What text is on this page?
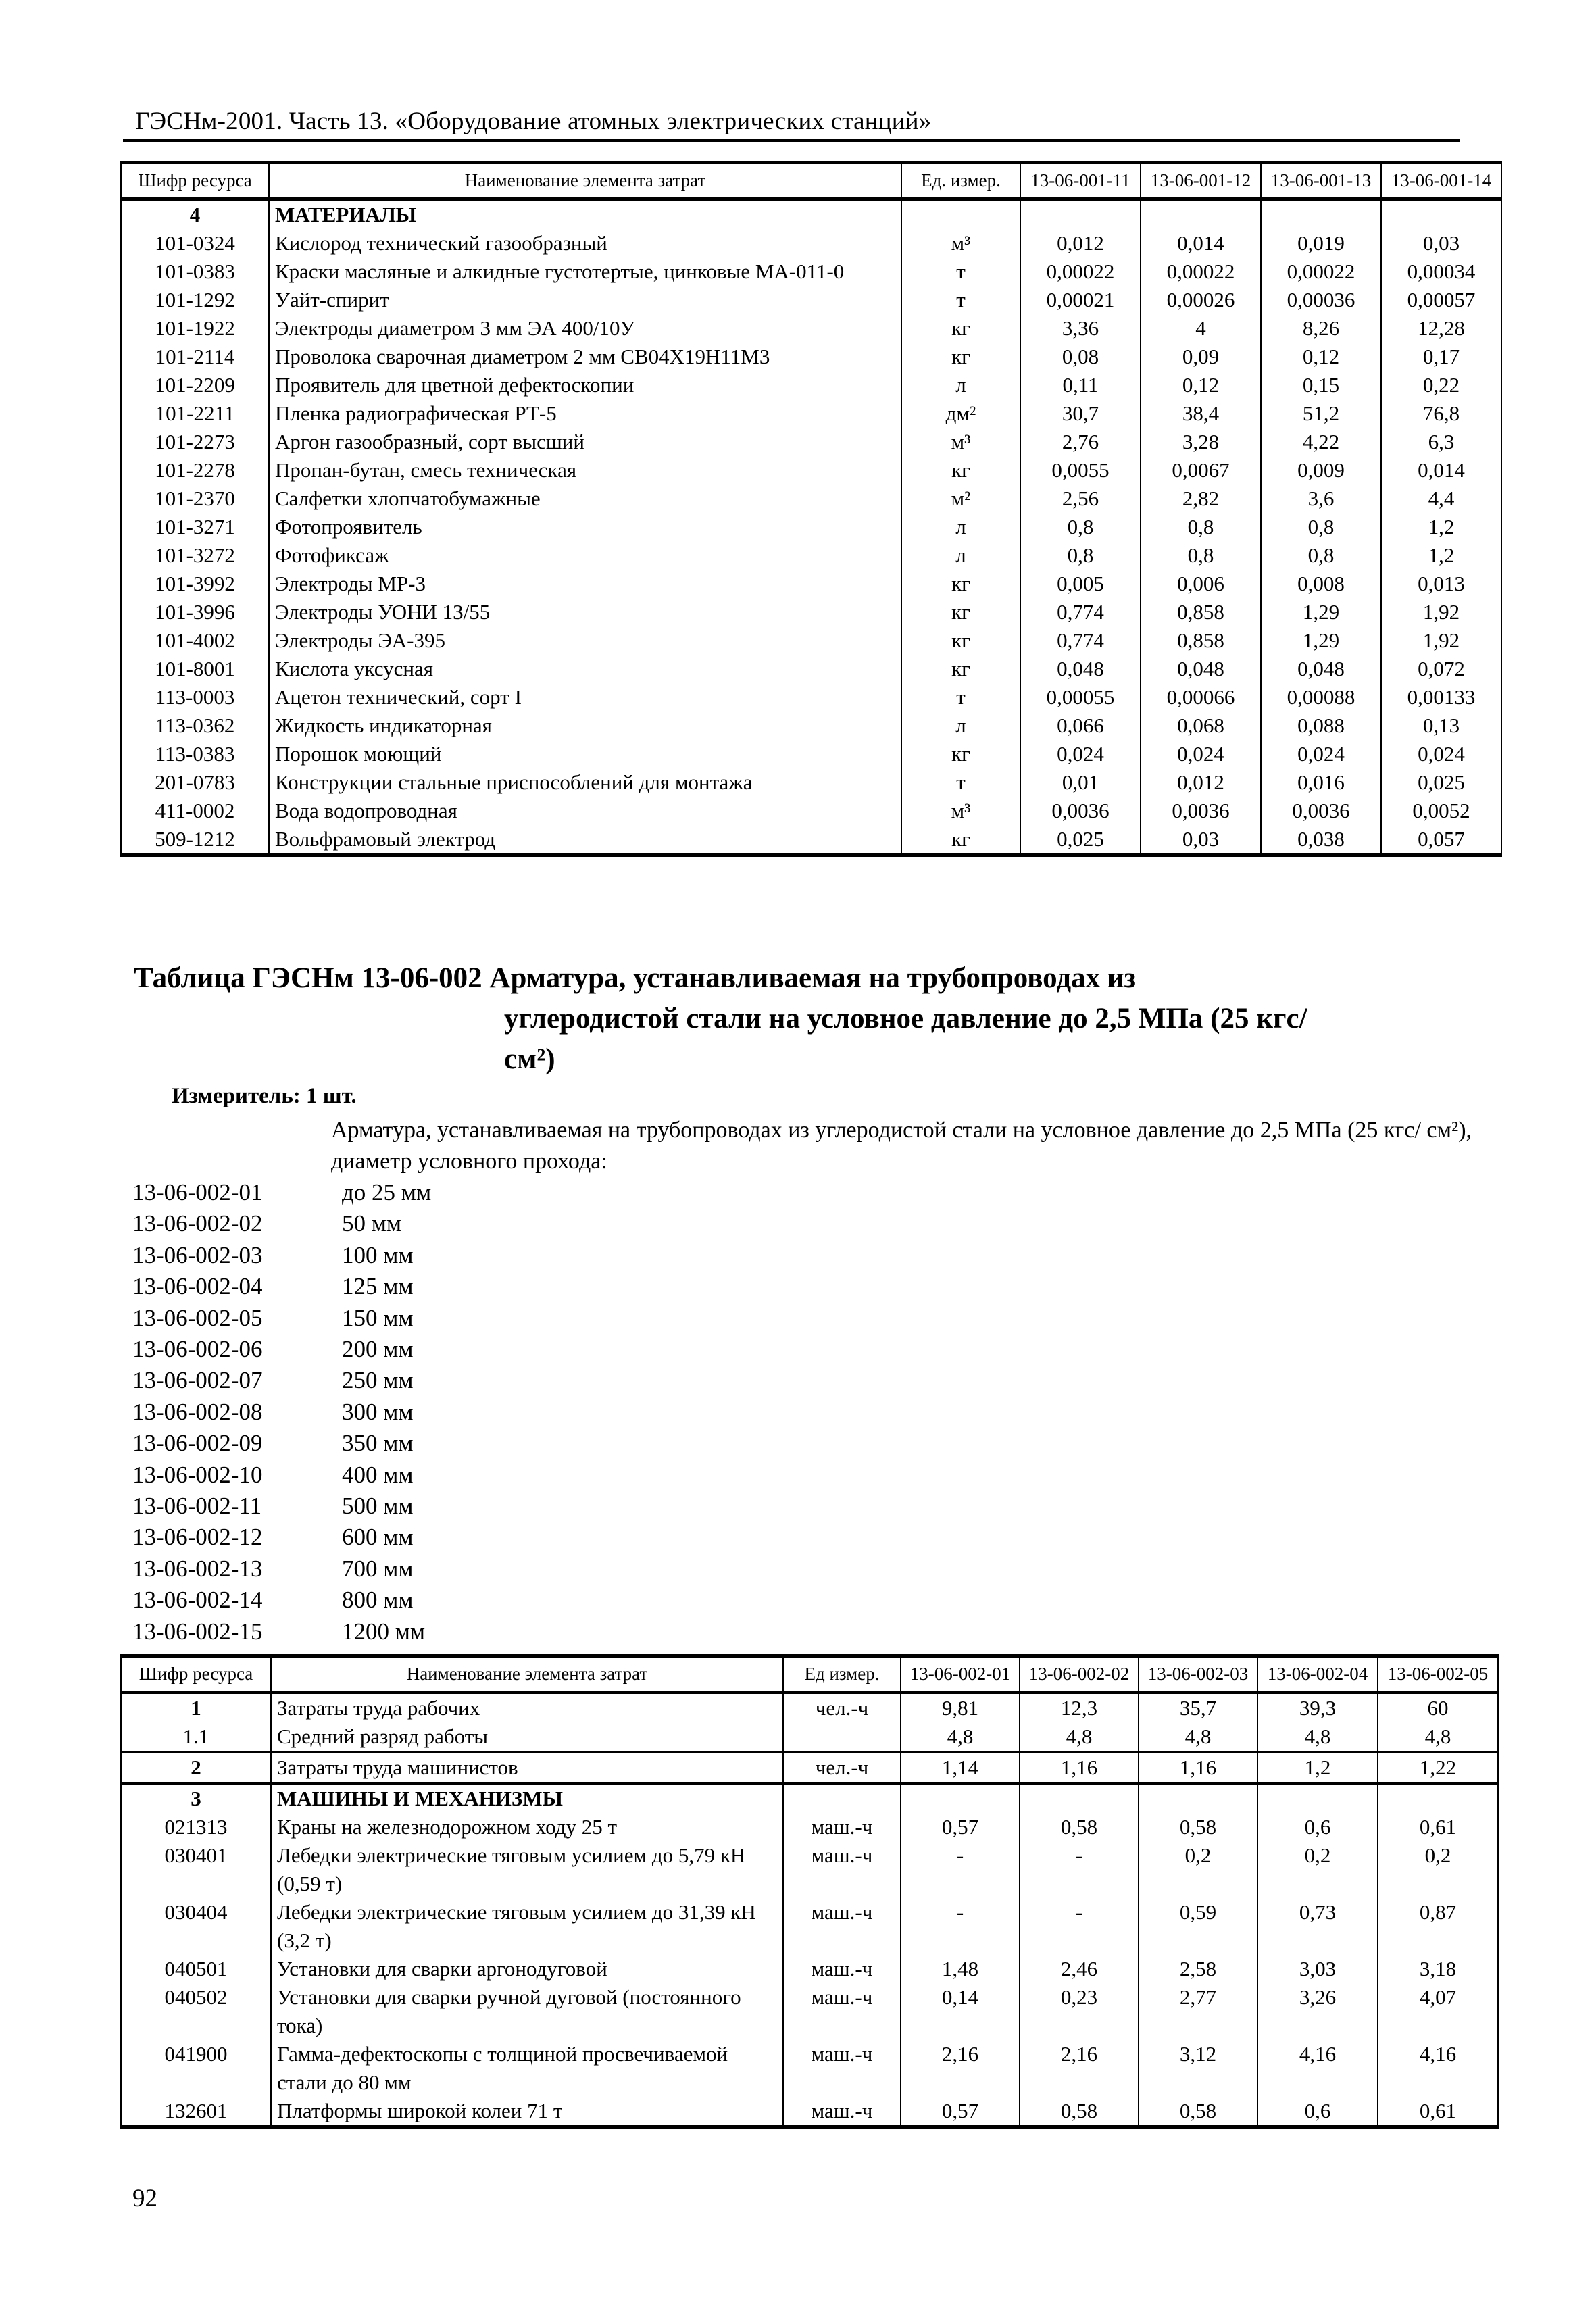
ГЭСНм-2001. Часть 13. «Оборудование атомных электрических станций»
Шифр ресурса	Наименование элемента затрат	Ед. измер.	13-06-001-11	13-06-001-12	13-06-001-13	13-06-001-14
4	МАТЕРИАЛЫ					
101-0324	Кислород технический газообразный	м³	0,012	0,014	0,019	0,03
101-0383	Краски масляные и алкидные густотертые, цинковые МА-011-0	т	0,00022	0,00022	0,00022	0,00034
101-1292	Уайт-спирит	т	0,00021	0,00026	0,00036	0,00057
101-1922	Электроды диаметром 3 мм ЭА 400/10У	кг	3,36	4	8,26	12,28
101-2114	Проволока сварочная диаметром 2 мм СВ04Х19Н11М3	кг	0,08	0,09	0,12	0,17
101-2209	Проявитель для цветной дефектоскопии	л	0,11	0,12	0,15	0,22
101-2211	Пленка радиографическая РТ-5	дм²	30,7	38,4	51,2	76,8
101-2273	Аргон газообразный, сорт высший	м³	2,76	3,28	4,22	6,3
101-2278	Пропан-бутан, смесь техническая	кг	0,0055	0,0067	0,009	0,014
101-2370	Салфетки хлопчатобумажные	м²	2,56	2,82	3,6	4,4
101-3271	Фотопроявитель	л	0,8	0,8	0,8	1,2
101-3272	Фотофиксаж	л	0,8	0,8	0,8	1,2
101-3992	Электроды МР-3	кг	0,005	0,006	0,008	0,013
101-3996	Электроды УОНИ 13/55	кг	0,774	0,858	1,29	1,92
101-4002	Электроды ЭА-395	кг	0,774	0,858	1,29	1,92
101-8001	Кислота уксусная	кг	0,048	0,048	0,048	0,072
113-0003	Ацетон технический, сорт I	т	0,00055	0,00066	0,00088	0,00133
113-0362	Жидкость индикаторная	л	0,066	0,068	0,088	0,13
113-0383	Порошок моющий	кг	0,024	0,024	0,024	0,024
201-0783	Конструкции стальные приспособлений для монтажа	т	0,01	0,012	0,016	0,025
411-0002	Вода водопроводная	м³	0,0036	0,0036	0,0036	0,0052
509-1212	Вольфрамовый электрод	кг	0,025	0,03	0,038	0,057
Таблица ГЭСНм 13-06-002 Арматура, устанавливаемая на трубопроводах из
углеродистой стали на условное давление до 2,5 МПа (25 кгс/
см²)
Измеритель: 1 шт.
Арматура, устанавливаемая на трубопроводах из углеродистой стали на условное давление до 2,5 МПа (25 кгс/ см²), диаметр условного прохода:
13-06-002-01	до 25 мм
13-06-002-02	50 мм
13-06-002-03	100 мм
13-06-002-04	125 мм
13-06-002-05	150 мм
13-06-002-06	200 мм
13-06-002-07	250 мм
13-06-002-08	300 мм
13-06-002-09	350 мм
13-06-002-10	400 мм
13-06-002-11	500 мм
13-06-002-12	600 мм
13-06-002-13	700 мм
13-06-002-14	800 мм
13-06-002-15	1200 мм
Шифр ресурса	Наименование элемента затрат	Ед измер.	13-06-002-01	13-06-002-02	13-06-002-03	13-06-002-04	13-06-002-05
1	Затраты труда рабочих	чел.-ч	9,81	12,3	35,7	39,3	60
1.1	Средний разряд работы		4,8	4,8	4,8	4,8	4,8
2	Затраты труда машинистов	чел.-ч	1,14	1,16	1,16	1,2	1,22
3	МАШИНЫ И МЕХАНИЗМЫ						
021313	Краны на железнодорожном ходу 25 т	маш.-ч	0,57	0,58	0,58	0,6	0,61
030401	Лебедки электрические тяговым усилием до 5,79 кН (0,59 т)	маш.-ч	-	-	0,2	0,2	0,2
030404	Лебедки электрические тяговым усилием до 31,39 кН (3,2 т)	маш.-ч	-	-	0,59	0,73	0,87
040501	Установки для сварки аргонодуговой	маш.-ч	1,48	2,46	2,58	3,03	3,18
040502	Установки для сварки ручной дуговой (постоянного тока)	маш.-ч	0,14	0,23	2,77	3,26	4,07
041900	Гамма-дефектоскопы с толщиной просвечиваемой стали до 80 мм	маш.-ч	2,16	2,16	3,12	4,16	4,16
132601	Платформы широкой колеи 71 т	маш.-ч	0,57	0,58	0,58	0,6	0,61
92
